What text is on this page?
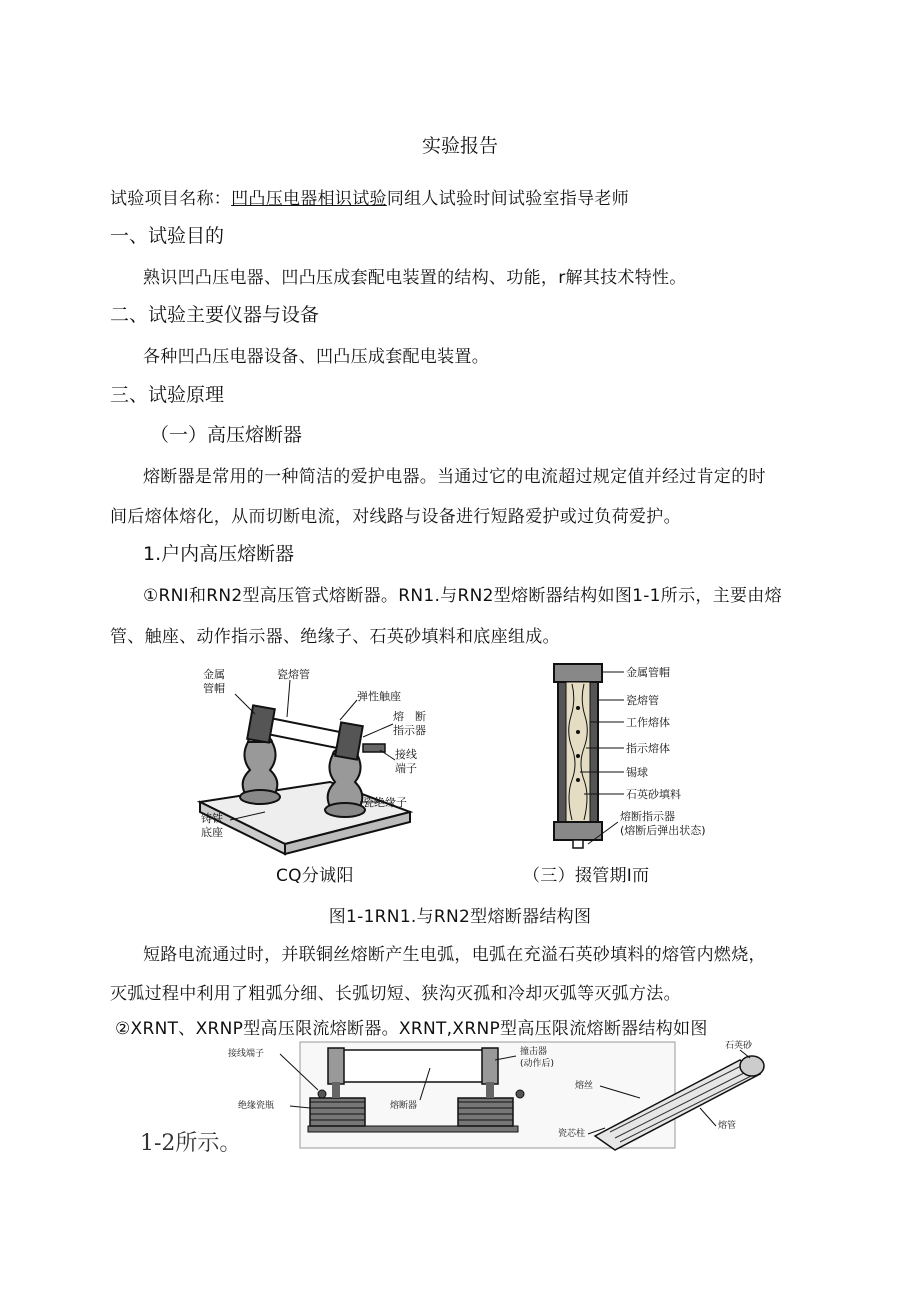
实验报告
试验项目名称：凹凸压电器相识试验同组人试验时间试验室指导老师
一、试验目的
熟识凹凸压电器、凹凸压成套配电装置的结构、功能，r解其技术特性。
二、试验主要仪器与设备
各种凹凸压电器设备、凹凸压成套配电装置。
三、试验原理
（一）高压熔断器
熔断器是常用的一种简洁的爱护电器。当通过它的电流超过规定值并经过肯定的时
间后熔体熔化，从而切断电流，对线路与设备进行短路爱护或过负荷爱护。
1.户内高压熔断器
①RNI和RN2型高压管式熔断器。RN1.与RN2型熔断器结构如图1-1所示，主要由熔
管、触座、动作指示器、绝缘子、石英砂填料和底座组成。
金属
管帽
瓷熔管
弹性触座
熔　断
指示器
接线
端子
瓷绝缘子
铸铁
底座
金属管帽
瓷熔管
工作熔体
指示熔体
锡球
石英砂填料
熔断指示器
(熔断后弹出状态)
CQ分诚阳	（三）掇管期I而
图1-1RN1.与RN2型熔断器结构图
短路电流通过时，并联铜丝熔断产生电弧，电弧在充溢石英砂填料的熔管内燃烧，
灭弧过程中利用了粗弧分细、长弧切短、狭沟灭孤和冷却灭弧等灭弧方法。
②XRNT、XRNP型高压限流熔断器。XRNT,XRNP型高压限流熔断器结构如图
接线端子	撞击器
(动作后)
绝缘瓷瓶	熔断器
石英砂
熔丝
瓷芯柱
熔管
1-2所示。
